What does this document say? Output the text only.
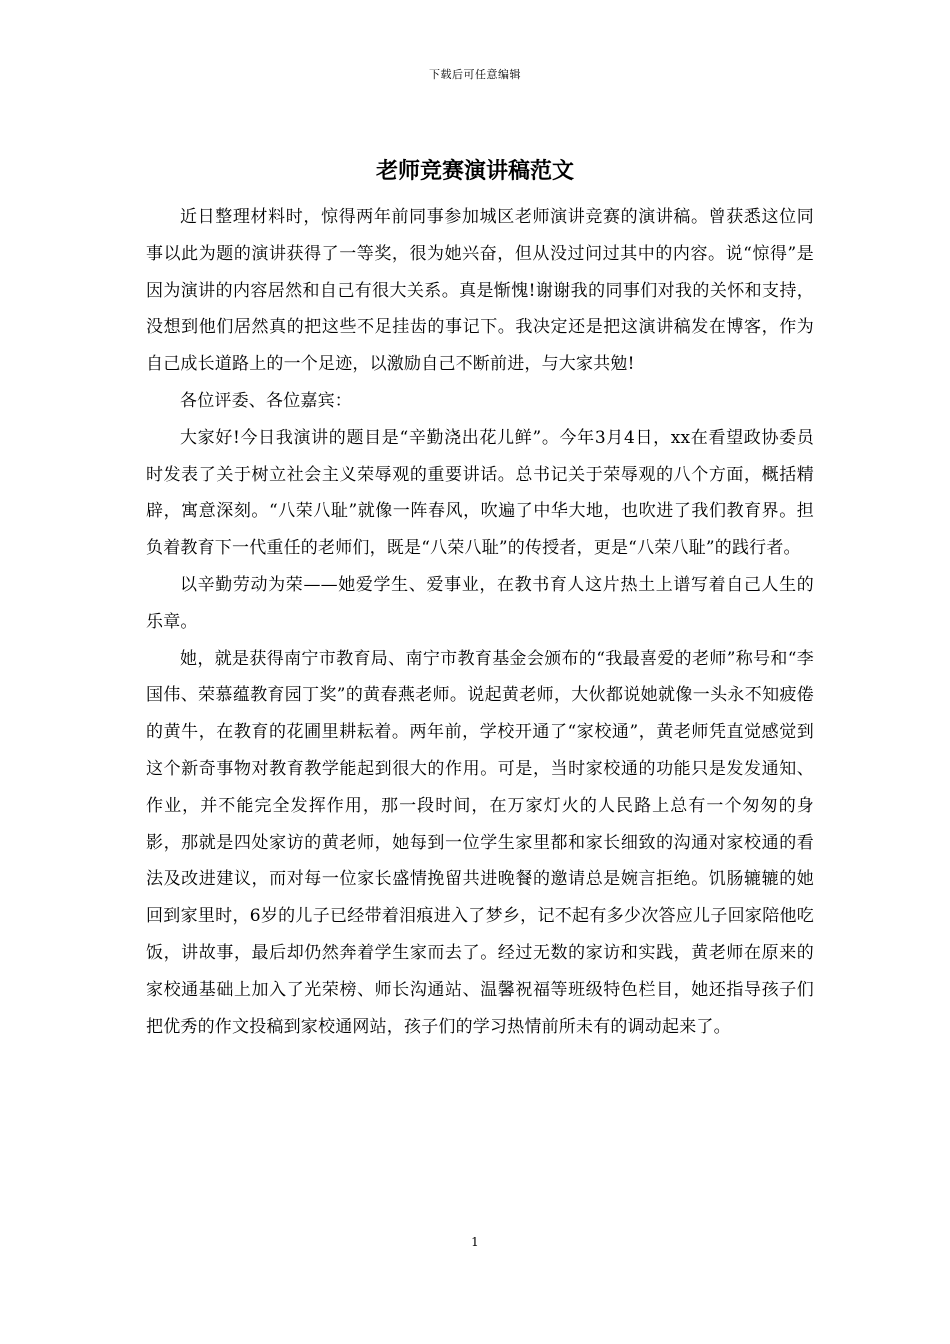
下载后可任意编辑
老师竞赛演讲稿范文

近日整理材料时，惊得两年前同事参加城区老师演讲竞赛的演讲稿。曾获悉这位同事以此为题的演讲获得了一等奖，很为她兴奋，但从没过问过其中的内容。说“惊得”是因为演讲的内容居然和自己有很大关系。真是惭愧!谢谢我的同事们对我的关怀和支持，没想到他们居然真的把这些不足挂齿的事记下。我决定还是把这演讲稿发在博客，作为自己成长道路上的一个足迹，以激励自己不断前进，与大家共勉!

各位评委、各位嘉宾：

大家好!今日我演讲的题目是“辛勤浇出花儿鲜”。今年3月4日，xx在看望政协委员时发表了关于树立社会主义荣辱观的重要讲话。总书记关于荣辱观的八个方面，概括精辟，寓意深刻。“八荣八耻”就像一阵春风，吹遍了中华大地，也吹进了我们教育界。担负着教育下一代重任的老师们，既是“八荣八耻”的传授者，更是“八荣八耻”的践行者。

以辛勤劳动为荣——她爱学生、爱事业，在教书育人这片热土上谱写着自己人生的乐章。

她，就是获得南宁市教育局、南宁市教育基金会颁布的“我最喜爱的老师”称号和“李国伟、荣慕蕴教育园丁奖”的黄春燕老师。说起黄老师，大伙都说她就像一头永不知疲倦的黄牛，在教育的花圃里耕耘着。两年前，学校开通了“家校通”，黄老师凭直觉感觉到这个新奇事物对教育教学能起到很大的作用。可是，当时家校通的功能只是发发通知、作业，并不能完全发挥作用，那一段时间，在万家灯火的人民路上总有一个匆匆的身影，那就是四处家访的黄老师，她每到一位学生家里都和家长细致的沟通对家校通的看法及改进建议，而对每一位家长盛情挽留共进晚餐的邀请总是婉言拒绝。饥肠辘辘的她回到家里时，6岁的儿子已经带着泪痕进入了梦乡，记不起有多少次答应儿子回家陪他吃饭，讲故事，最后却仍然奔着学生家而去了。经过无数的家访和实践，黄老师在原来的家校通基础上加入了光荣榜、师长沟通站、温馨祝福等班级特色栏目，她还指导孩子们把优秀的作文投稿到家校通网站，孩子们的学习热情前所未有的调动起来了。

1
